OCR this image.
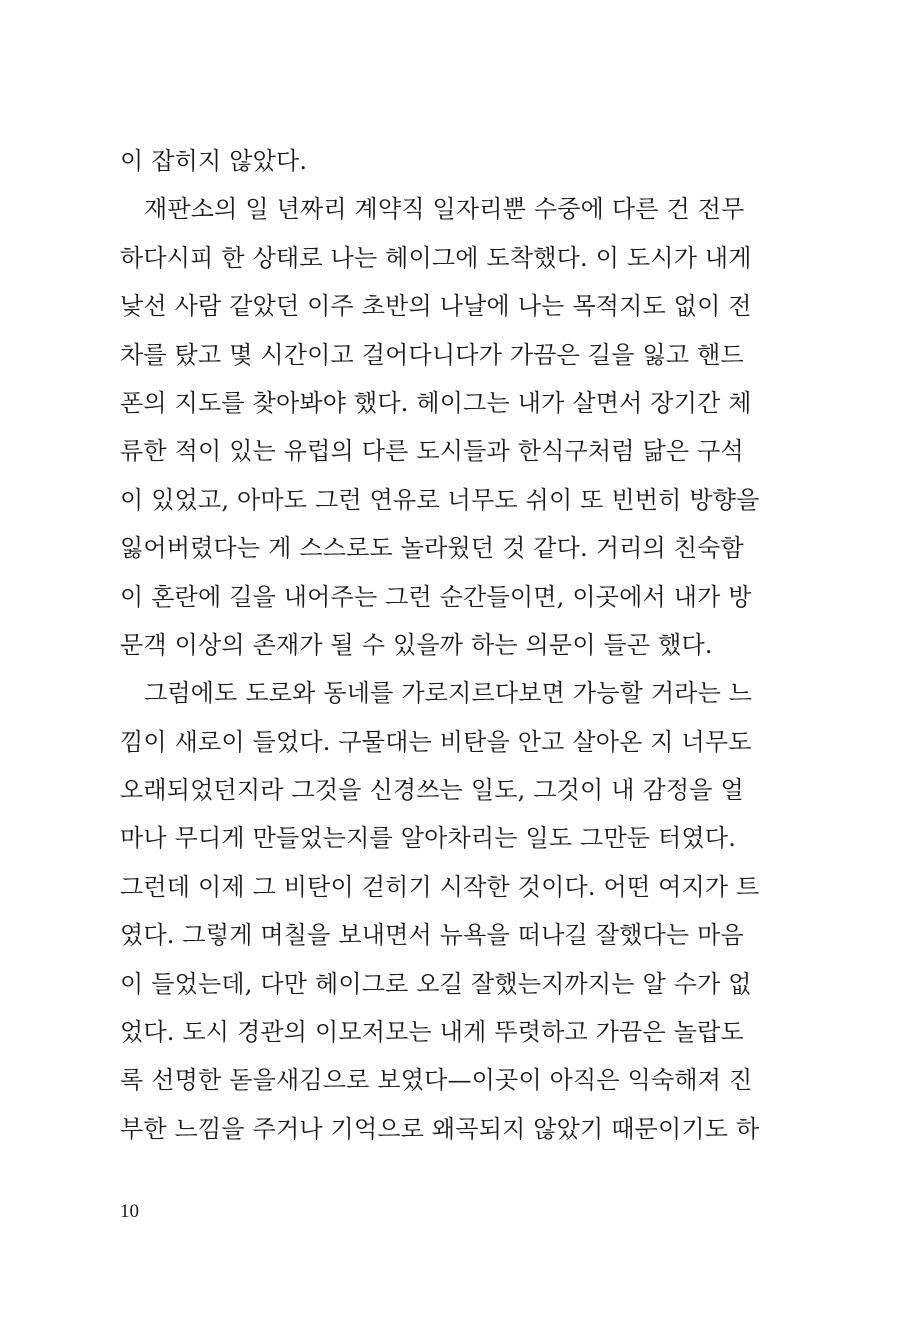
이 잡히지 않았다.
재판소의 일 년짜리 계약직 일자리뿐 수중에 다른 건 전무
하다시피 한 상태로 나는 헤이그에 도착했다. 이 도시가 내게
낯선 사람 같았던 이주 초반의 나날에 나는 목적지도 없이 전
차를 탔고 몇 시간이고 걸어다니다가 가끔은 길을 잃고 핸드
폰의 지도를 찾아봐야 했다. 헤이그는 내가 살면서 장기간 체
류한 적이 있는 유럽의 다른 도시들과 한식구처럼 닮은 구석
이 있었고, 아마도 그런 연유로 너무도 쉬이 또 빈번히 방향을
잃어버렸다는 게 스스로도 놀라웠던 것 같다. 거리의 친숙함
이 혼란에 길을 내어주는 그런 순간들이면, 이곳에서 내가 방
문객 이상의 존재가 될 수 있을까 하는 의문이 들곤 했다.
그럼에도 도로와 동네를 가로지르다보면 가능할 거라는 느
낌이 새로이 들었다. 구물대는 비탄을 안고 살아온 지 너무도
오래되었던지라 그것을 신경쓰는 일도, 그것이 내 감정을 얼
마나 무디게 만들었는지를 알아차리는 일도 그만둔 터였다.
그런데 이제 그 비탄이 걷히기 시작한 것이다. 어떤 여지가 트
였다. 그렇게 며칠을 보내면서 뉴욕을 떠나길 잘했다는 마음
이 들었는데, 다만 헤이그로 오길 잘했는지까지는 알 수가 없
었다. 도시 경관의 이모저모는 내게 뚜렷하고 가끔은 놀랍도
록 선명한 돋을새김으로 보였다—이곳이 아직은 익숙해져 진
부한 느낌을 주거나 기억으로 왜곡되지 않았기 때문이기도 하
10
